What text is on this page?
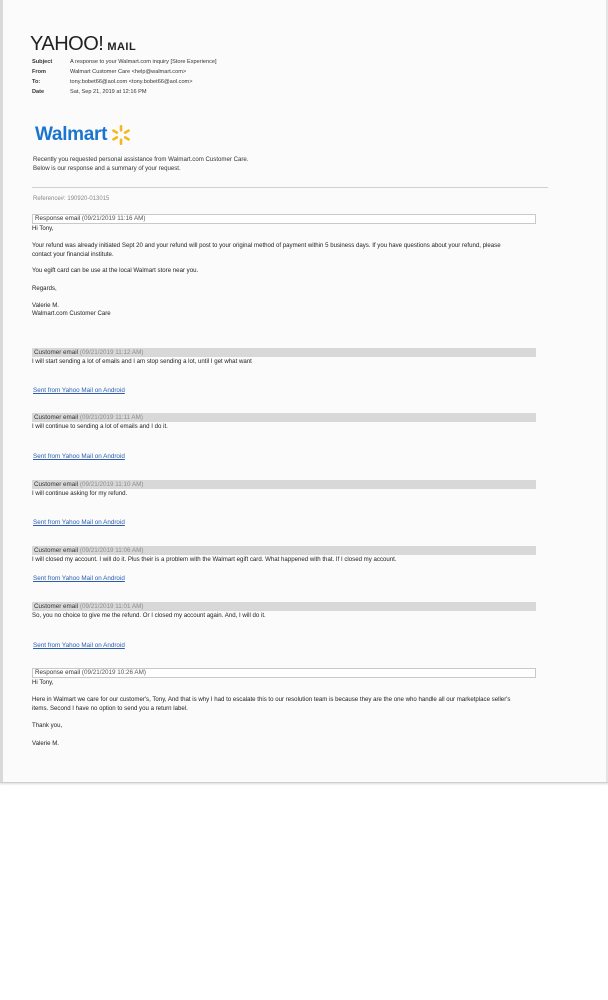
YAHOO! MAIL
Subject	A response to your Walmart.com inquiry [Store Experience]
From	Walmart Customer Care <help@walmart.com>
To:	tony.bobet66@aol.com <tony.bobet66@aol.com>
Date	Sat, Sep 21, 2019 at 12:16 PM
Walmart
Recently you requested personal assistance from Walmart.com Customer Care.
Below is our response and a summary of your request.
Reference#: 190920-013015
Response email (09/21/2019 11:16 AM)

Hi Tony,

Your refund was already initiated Sept 20 and your refund will post to your original method of payment within 5 business days. If you have questions about your refund, please contact your financial institute.

You egift card can be use at the local Walmart store near you.

Regards,

Valerie M.

Walmart.com Customer Care

Customer email (09/21/2019 11:12 AM)
I will start sending a lot of emails and I am stop sending a lot, until I get what want
Sent from Yahoo Mail on Android
Customer email (09/21/2019 11:11 AM)
I will continue to sending a lot of emails and I do it.
Sent from Yahoo Mail on Android
Customer email (09/21/2019 11:10 AM)
I will continue asking for my refund.
Sent from Yahoo Mail on Android
Customer email (09/21/2019 11:06 AM)
I will closed my account. I will do it. Plus their is a problem with the Walmart egift card. What happened with that. If I closed my account.
Sent from Yahoo Mail on Android
Customer email (09/21/2019 11:01 AM)
So, you no choice to give me the refund. Or I closed my account again. And, I will do it.
Sent from Yahoo Mail on Android
Response email (09/21/2019 10:26 AM)

Hi Tony,

Here in Walmart we care for our customer's, Tony, And that is why I had to escalate this to our resolution team is because they are the one who handle all our marketplace seller's items. Second I have no option to send you a return label.

Thank you,

Valerie M.
